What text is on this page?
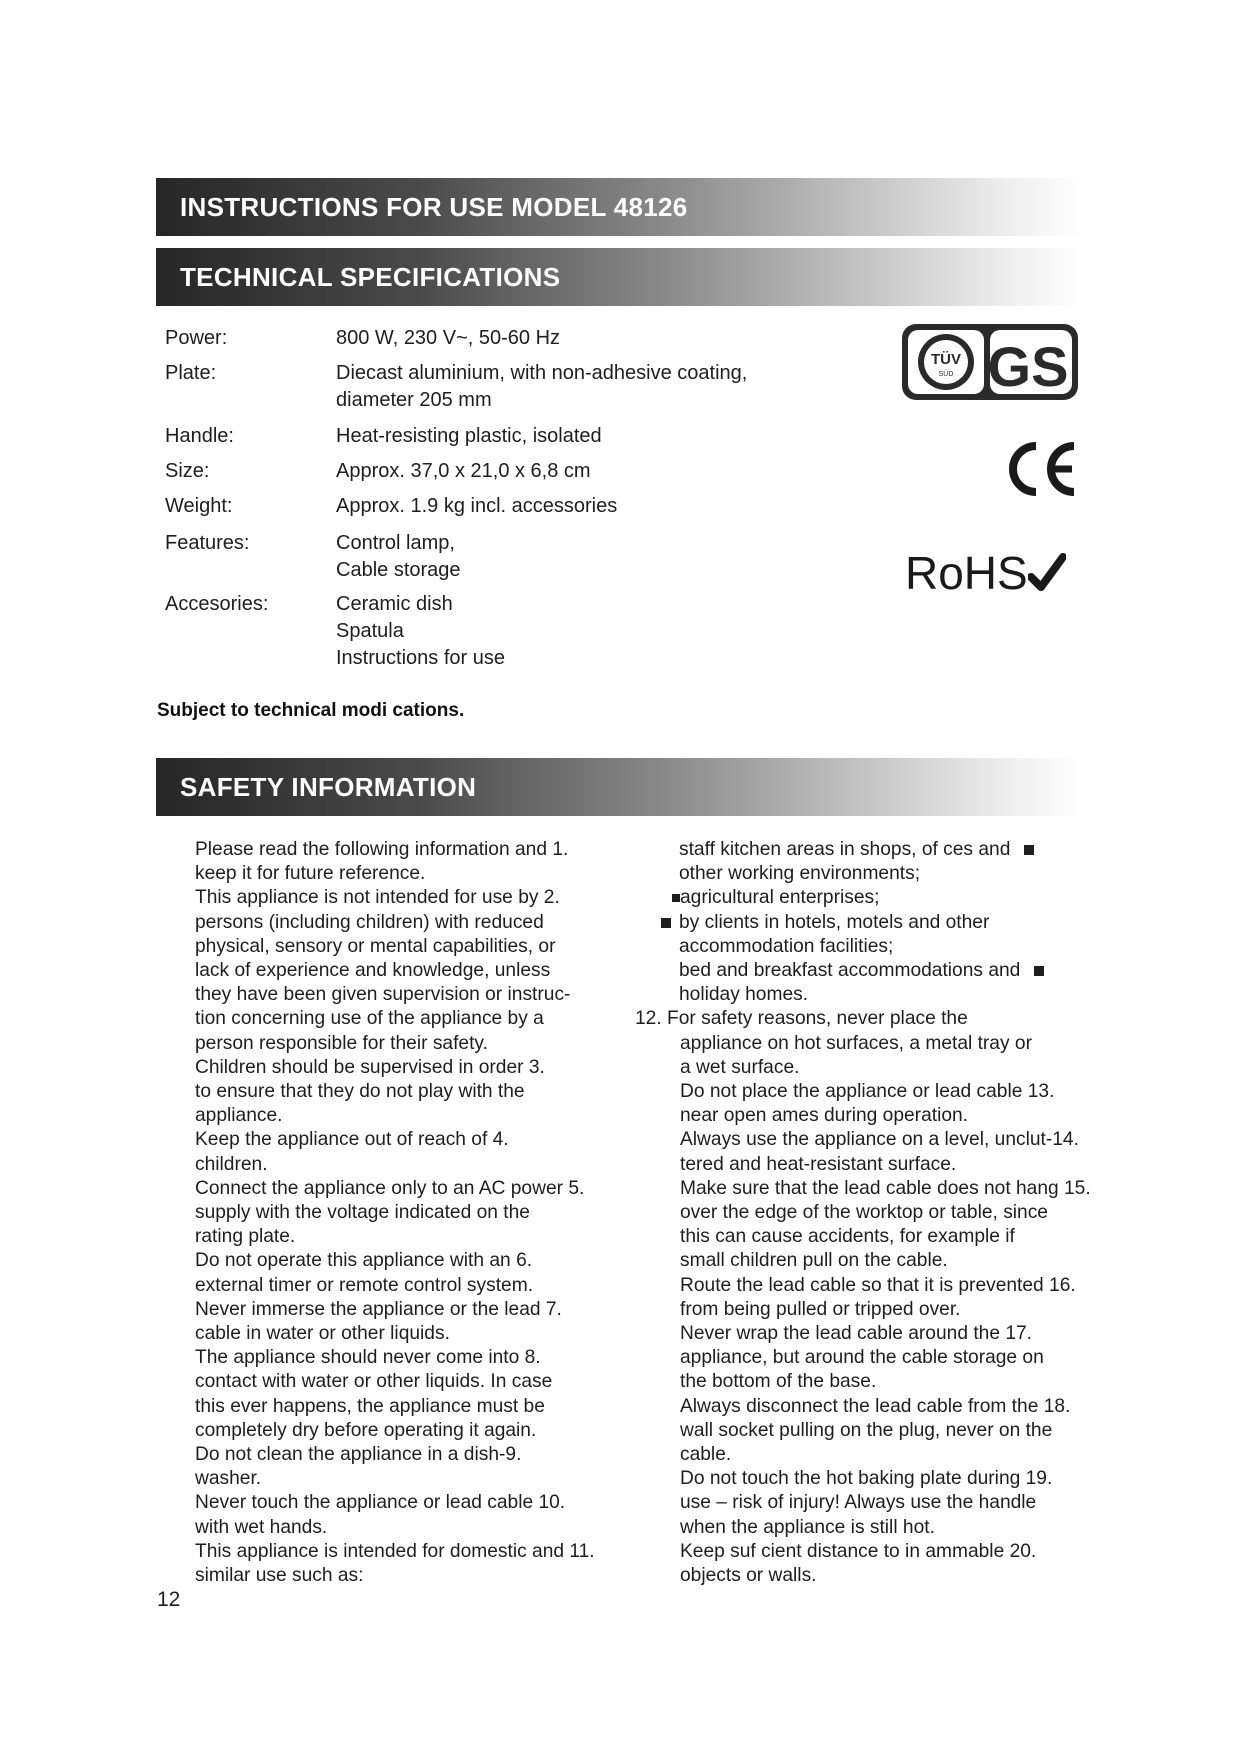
INSTRUCTIONS FOR USE MODEL 48126
TECHNICAL SPECIFICATIONS
Power:	800 W, 230 V~, 50-60 Hz
Plate:	Diecast aluminium, with non-adhesive coating,
diameter 205 mm
Handle:	Heat-resisting plastic, isolated
Size:	Approx. 37,0 x 21,0 x 6,8 cm
Weight:	Approx. 1.9 kg incl. accessories
Features:	Control lamp,
Cable storage
Accesories:	Ceramic dish
Spatula
Instructions for use
Subject to technical modi cations.
TÜV
SÜD GS
RoHS
SAFETY INFORMATION
Please read the following information and 1.
keep it for future reference.
This appliance is not intended for use by 2.
persons (including children) with reduced
physical, sensory or mental capabilities, or
lack of experience and knowledge, unless
they have been given supervision or instruc-
tion concerning use of the appliance by a
person responsible for their safety.
Children should be supervised in order 3.
to ensure that they do not play with the
appliance.
Keep the appliance out of reach of 4.
children.
Connect the appliance only to an AC power 5.
supply with the voltage indicated on the
rating plate.
Do not operate this appliance with an 6.
external timer or remote control system.
Never immerse the appliance or the lead 7.
cable in water or other liquids.
The appliance should never come into 8.
contact with water or other liquids. In case
this ever happens, the appliance must be
completely dry before operating it again.
Do not clean the appliance in a dish-9.
washer.
Never touch the appliance or lead cable 10.
with wet hands.
This appliance is intended for domestic and 11.
similar use such as:
staff kitchen areas in shops, of ces and
other working environments;
agricultural enterprises;
by clients in hotels, motels and other
accommodation facilities;
bed and breakfast accommodations and
holiday homes.
12. For safety reasons, never place the
appliance on hot surfaces, a metal tray or
a wet surface.
Do not place the appliance or lead cable 13.
near open ames during operation.
Always use the appliance on a level, unclut-14.
tered and heat-resistant surface.
Make sure that the lead cable does not hang 15.
over the edge of the worktop or table, since
this can cause accidents, for example if
small children pull on the cable.
Route the lead cable so that it is prevented 16.
from being pulled or tripped over.
Never wrap the lead cable around the 17.
appliance, but around the cable storage on
the bottom of the base.
Always disconnect the lead cable from the 18.
wall socket pulling on the plug, never on the
cable.
Do not touch the hot baking plate during 19.
use – risk of injury! Always use the handle
when the appliance is still hot.
Keep suf cient distance to in ammable 20.
objects or walls.
12
